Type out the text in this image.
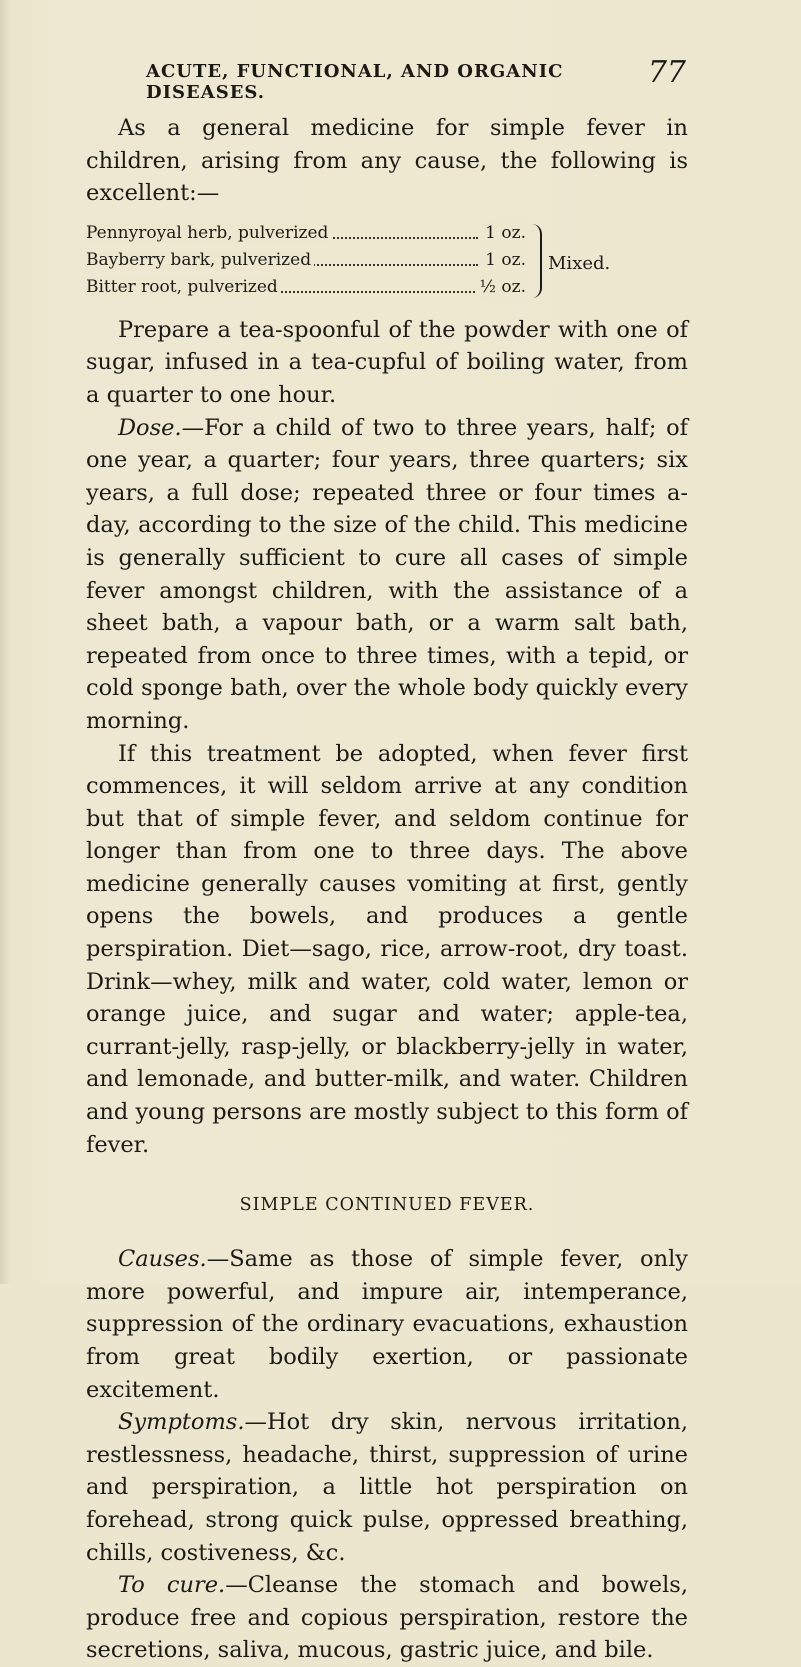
ACUTE, FUNCTIONAL, AND ORGANIC DISEASES.
77

As a general medicine for simple fever in children, arising from any cause, the following is excellent:—

Pennyroyal herb, pulverized	1 oz.
Bayberry bark, pulverized	1 oz.
Bitter root, pulverized	½ oz.
Mixed.

Prepare a tea-spoonful of the powder with one of sugar, infused in a tea-cupful of boiling water, from a quarter to one hour.

Dose.—For a child of two to three years, half; of one year, a quarter; four years, three quarters; six years, a full dose; repeated three or four times a-day, according to the size of the child. This medicine is generally sufficient to cure all cases of simple fever amongst children, with the assistance of a sheet bath, a vapour bath, or a warm salt bath, repeated from once to three times, with a tepid, or cold sponge bath, over the whole body quickly every morning.

If this treatment be adopted, when fever first commences, it will seldom arrive at any condition but that of simple fever, and seldom continue for longer than from one to three days. The above medicine generally causes vomiting at first, gently opens the bowels, and produces a gentle perspiration. Diet—sago, rice, arrow-root, dry toast. Drink—whey, milk and water, cold water, lemon or orange juice, and sugar and water; apple-tea, currant-jelly, rasp-jelly, or blackberry-jelly in water, and lemonade, and butter-milk, and water. Children and young persons are mostly subject to this form of fever.

SIMPLE CONTINUED FEVER.

Causes.—Same as those of simple fever, only more powerful, and impure air, intemperance, suppression of the ordinary evacuations, exhaustion from great bodily exertion, or passionate excitement.

Symptoms.—Hot dry skin, nervous irritation, restlessness, headache, thirst, suppression of urine and perspiration, a little hot perspiration on forehead, strong quick pulse, oppressed breathing, chills, costiveness, &c.

To cure.—Cleanse the stomach and bowels, produce free and copious perspiration, restore the secretions, saliva, mucous, gastric juice, and bile.
